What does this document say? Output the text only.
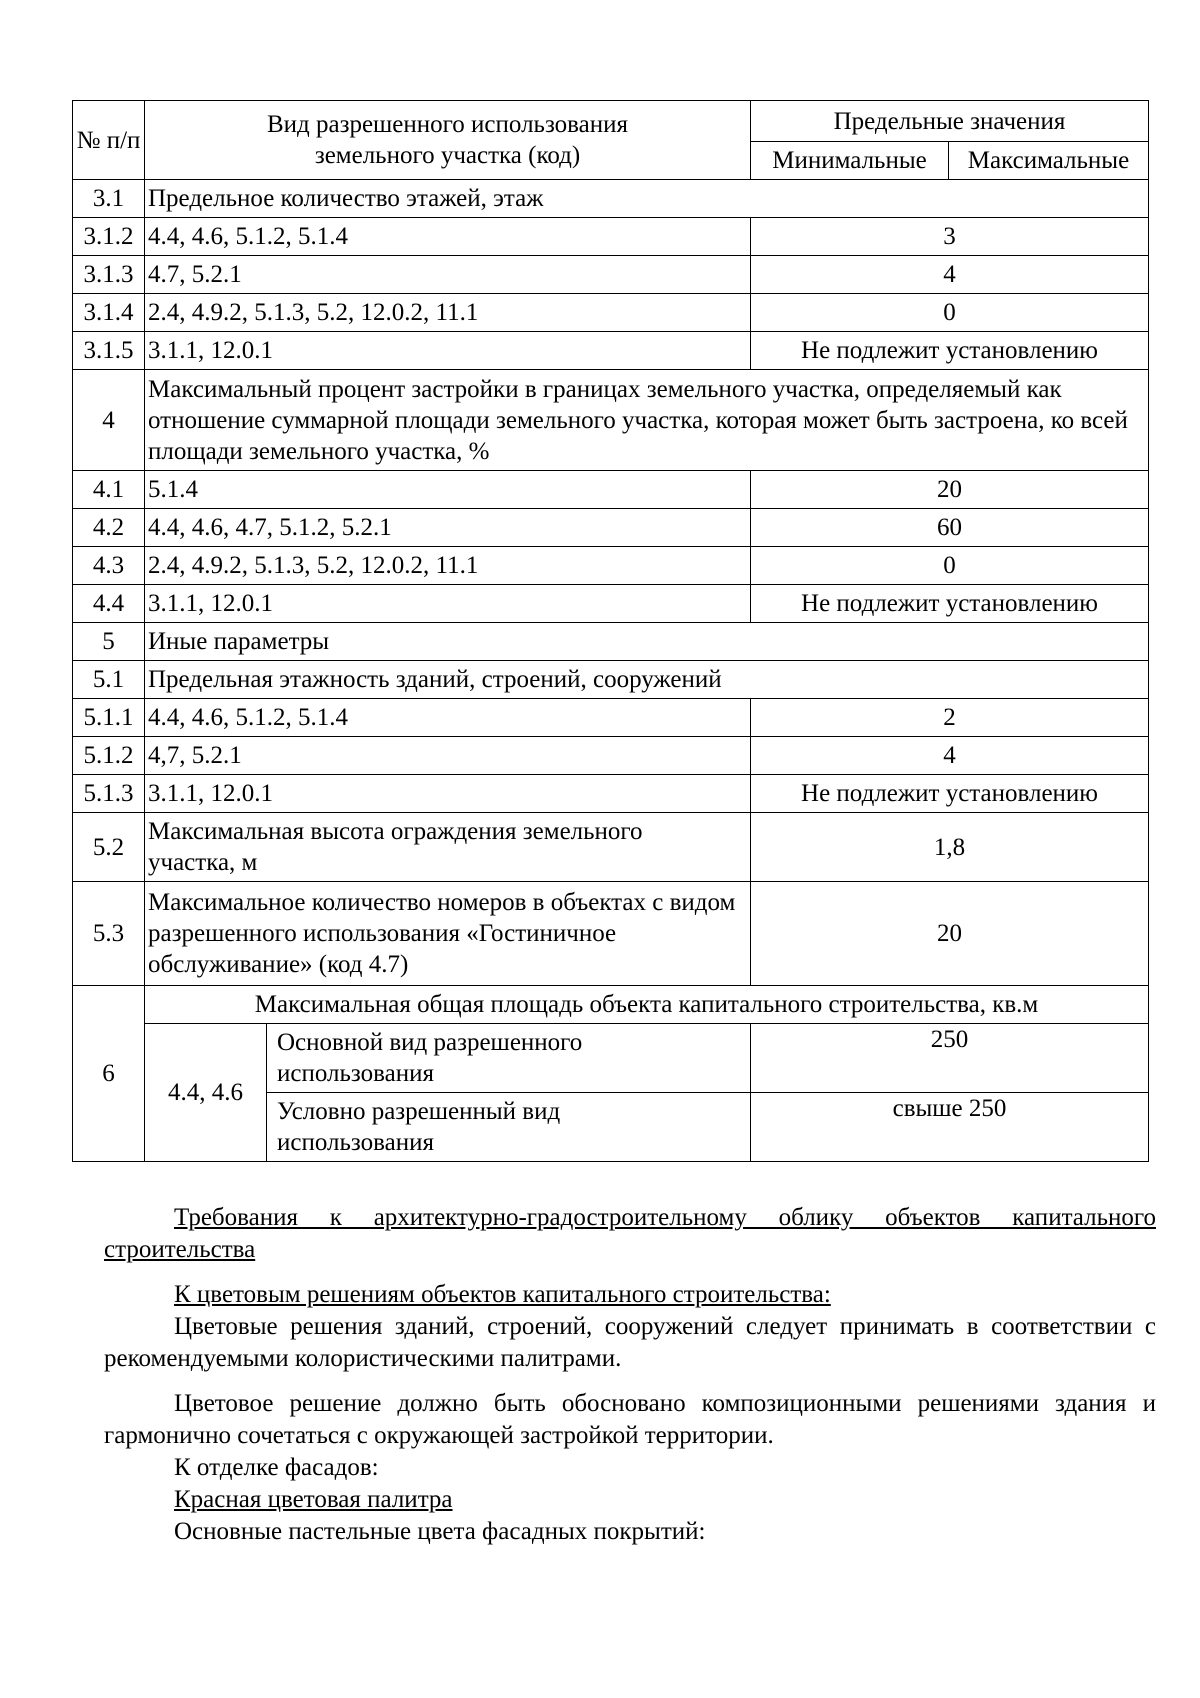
№ п/п	Вид разрешенного использования земельного участка (код)		Предельные значения	
			Минимальные	Максимальные
3.1	Предельное количество этажей, этаж			
3.1.2	4.4, 4.6, 5.1.2, 5.1.4		3	
3.1.3	4.7, 5.2.1		4	
3.1.4	2.4, 4.9.2, 5.1.3, 5.2, 12.0.2, 11.1		0	
3.1.5	3.1.1, 12.0.1		Не подлежит установлению	
4	Максимальный процент застройки в границах земельного участка, определяемый как отношение суммарной площади земельного участка, которая может быть застроена, ко всей площади земельного участка, %			
4.1	5.1.4		20	
4.2	4.4, 4.6, 4.7, 5.1.2, 5.2.1		60	
4.3	2.4, 4.9.2, 5.1.3, 5.2, 12.0.2, 11.1		0	
4.4	3.1.1, 12.0.1		Не подлежит установлению	
5	Иные параметры			
5.1	Предельная этажность зданий, строений, сооружений			
5.1.1	4.4, 4.6, 5.1.2, 5.1.4		2	
5.1.2	4,7, 5.2.1		4	
5.1.3	3.1.1, 12.0.1		Не подлежит установлению	
5.2	Максимальная высота ограждения земельного участка, м		1,8	
5.3	Максимальное количество номеров в объектах с видом разрешенного использования «Гостиничное обслуживание» (код 4.7)		20	
6	Максимальная общая площадь объекта капитального строительства, кв.м			
	4.4, 4.6	Основной вид разрешенного использования	250	
		Условно разрешенный вид использования	свыше 250	

Требования к архитектурно-градостроительному облику объектов капитального строительства

К цветовым решениям объектов капитального строительства:

Цветовые решения зданий, строений, сооружений следует принимать в соответствии с рекомендуемыми колористическими палитрами.

Цветовое решение должно быть обосновано композиционными решениями здания и гармонично сочетаться с окружающей застройкой территории.

К отделке фасадов:

Красная цветовая палитра

Основные пастельные цвета фасадных покрытий:
